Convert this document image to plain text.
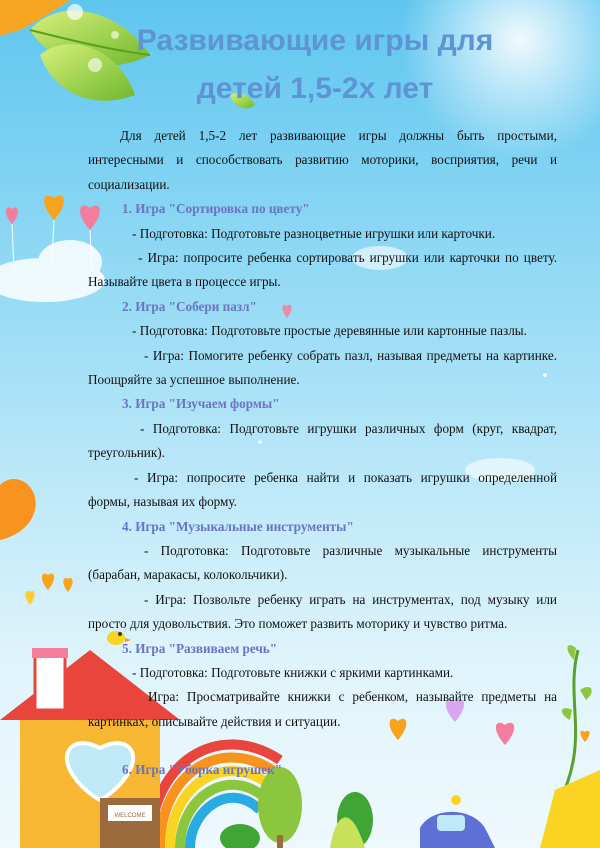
WELCOME
Развивающие игры для
детей 1,5-2х лет

Для детей 1,5-2 лет развивающие игры должны быть простыми, интересными и способствовать развитию моторики, восприятия, речи и социализации.

1. Игра "Сортировка по цвету"

- Подготовка: Подготовьте разноцветные игрушки или карточки.

- Игра: попросите ребенка сортировать игрушки или карточки по цвету. Называйте цвета в процессе игры.

2. Игра "Собери пазл"

- Подготовка: Подготовьте простые деревянные или картонные пазлы.

- Игра: Помогите ребенку собрать пазл, называя предметы на картинке. Поощряйте за успешное выполнение.

3. Игра "Изучаем формы"

- Подготовка: Подготовьте игрушки различных форм (круг, квадрат, треугольник).

- Игра: попросите ребенка найти и показать игрушки определенной формы, называя их форму.

4. Игра "Музыкальные инструменты"

- Подготовка: Подготовьте различные музыкальные инструменты (барабан, маракасы, колокольчики).

- Игра: Позвольте ребенку играть на инструментах, под музыку или просто для удовольствия. Это поможет развить моторику и чувство ритма.

5. Игра "Развиваем речь"

- Подготовка: Подготовьте книжки с яркими картинками.

Игра: Просматривайте книжки с ребенком, называйте предметы на картинках, описывайте действия и ситуации.

6. Игра "Уборка игрушек"
